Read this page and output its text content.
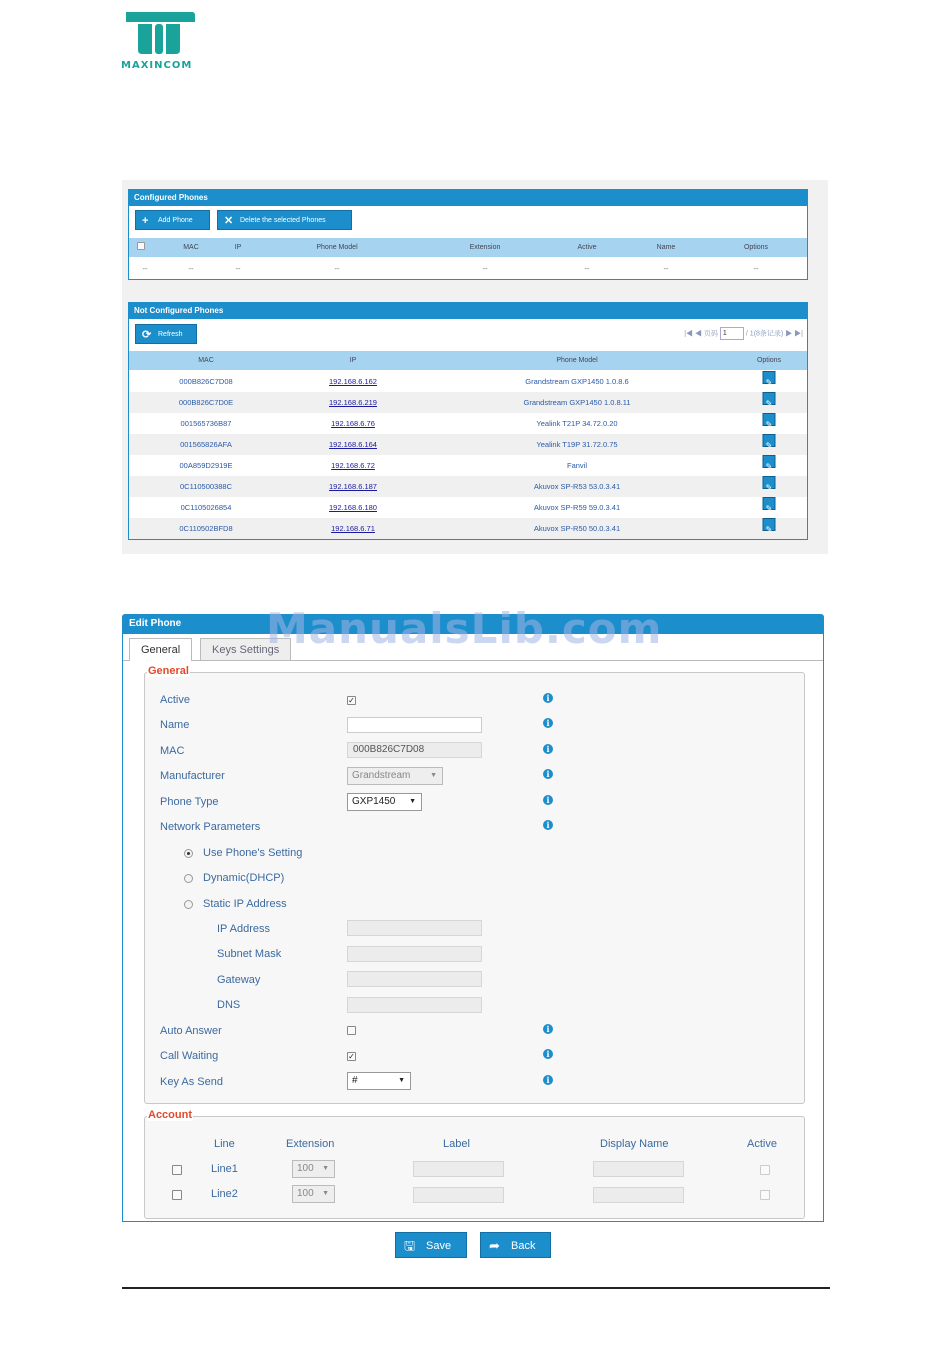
MAXINCOM
Configured Phones
+ Add Phone	✕ Delete the selected Phones
MAC	IP	Phone Model	Extension	Active	Name	Options
--	--	--	--	--	--	--	--
Not Configured Phones
⟳ Refresh	|◀ ◀ 页码 1	/ 1(8条记录) ▶ ▶|
MAC	IP	Phone Model	Options
000B826C7D08	192.168.6.162	Grandstream GXP1450 1.0.8.6	✎
000B826C7D0E	192.168.6.219	Grandstream GXP1450 1.0.8.11	✎
001565736B87	192.168.6.76	Yealink T21P 34.72.0.20	✎
001565826AFA	192.168.6.164	Yealink T19P 31.72.0.75	✎
00A859D2919E	192.168.6.72	Fanvil	✎
0C110500388C	192.168.6.187	Akuvox SP-R53 53.0.3.41	✎
0C1105026854	192.168.6.180	Akuvox SP-R59 59.0.3.41	✎
0C110502BFD8	192.168.6.71	Akuvox SP-R50 50.0.3.41	✎
Edit Phone
General	Keys Settings
General
Active	✓	i
Name	i
MAC	000B826C7D08	i
Manufacturer	Grandstream	▼	i
Phone Type	GXP1450 ▼	i
Network Parameters	i
Use Phone's Setting
Dynamic(DHCP)
Static IP Address
IP Address
Subnet Mask
Gateway
DNS
Auto Answer	i
Call Waiting	✓	i
Key As Send	#	▼	i
Account
Line	Extension	Label	Display Name	Active
Line1	100 ▼
Line2	100 ▼
🖫 Save	➦ Back
ManualsLib.com
